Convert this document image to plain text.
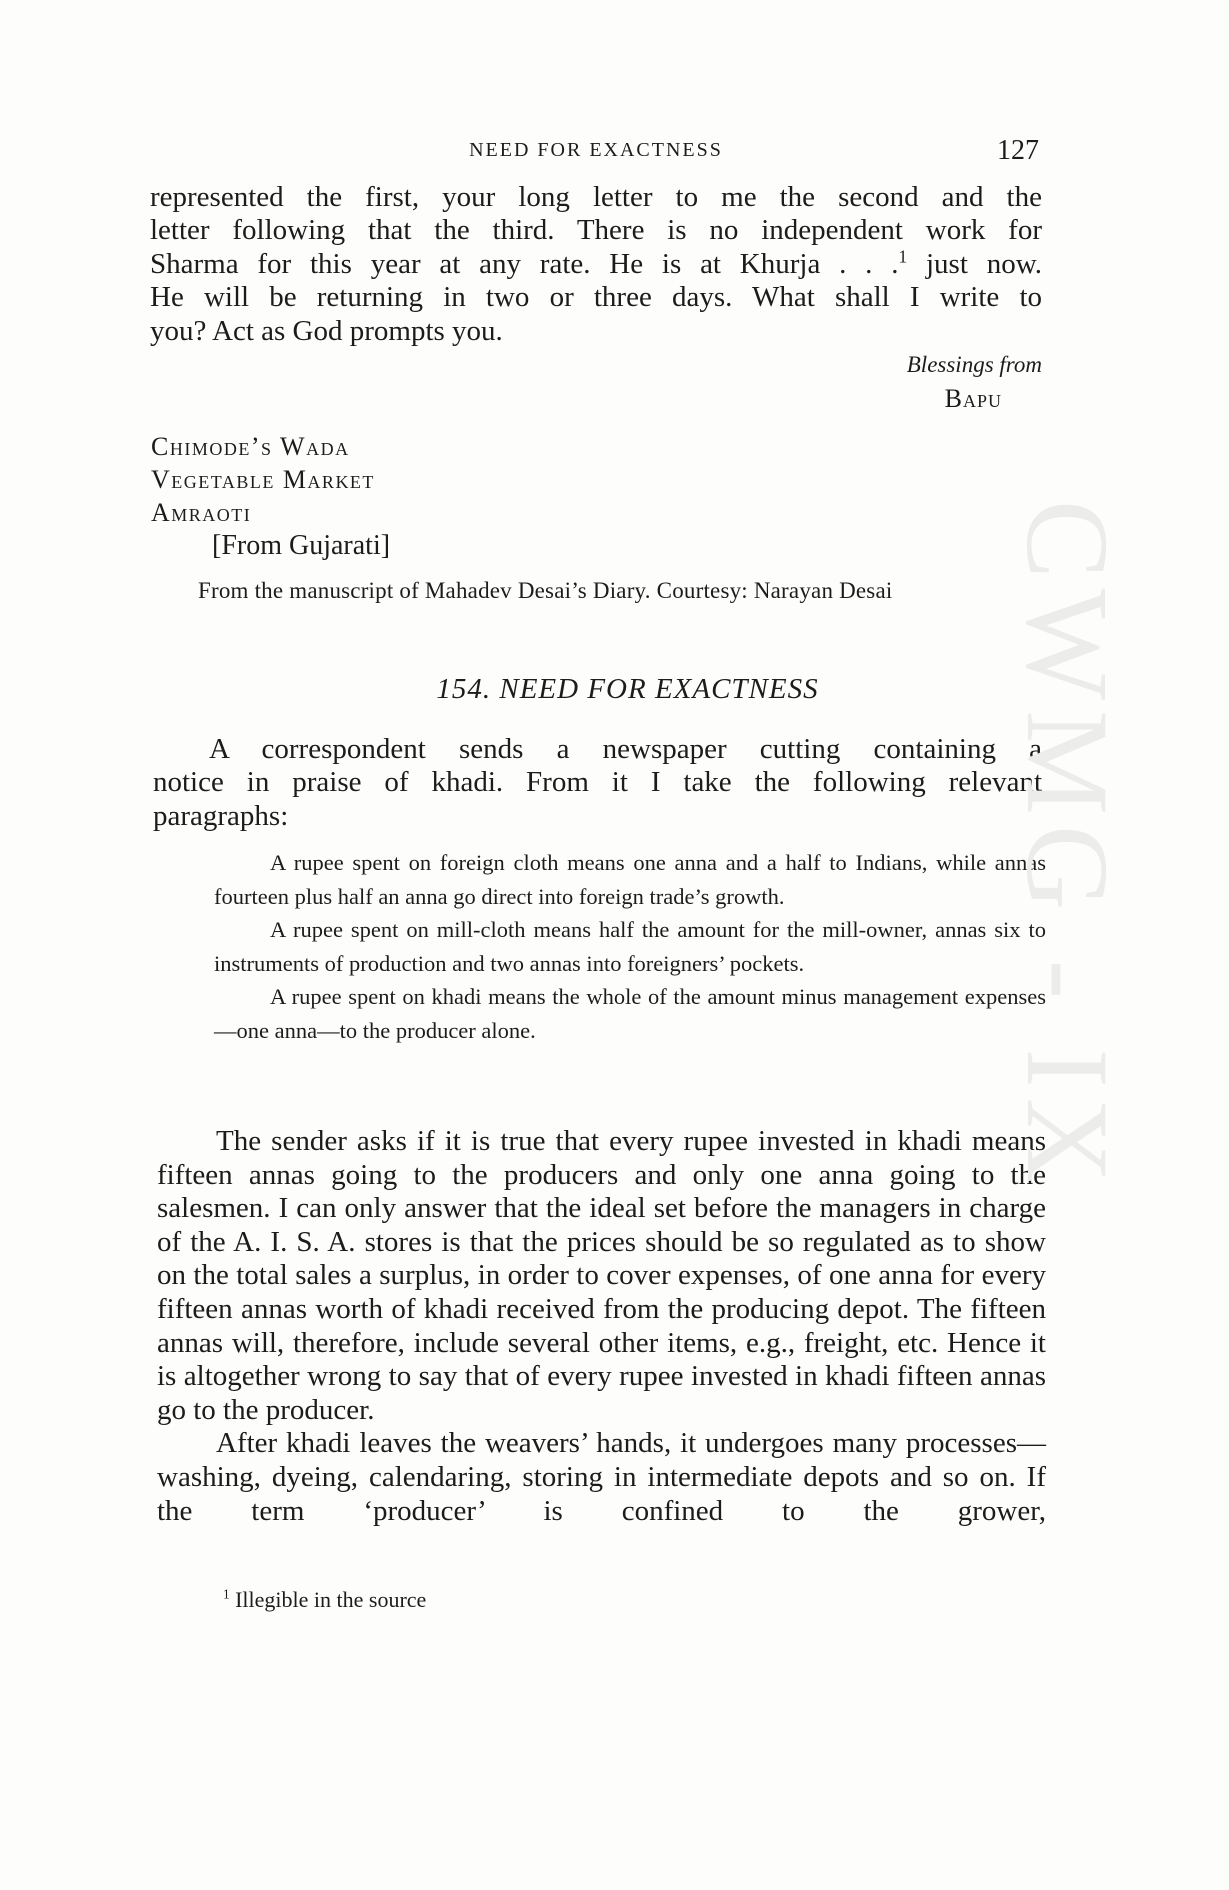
NEED FOR EXACTNESS	127
represented the first, your long letter to me the second and the
letter following that the third. There is no independent work for
Sharma for this year at any rate. He is at Khurja . . .$^1$ just now.
He will be returning in two or three days. What shall I write to
you? Act as God prompts you.
Blessings from
Bapu
Chimode’s Wada
Vegetable Market
Amraoti
[From Gujarati]
From the manuscript of Mahadev Desai’s Diary. Courtesy: Narayan Desai
154. NEED FOR EXACTNESS
A correspondent sends a newspaper cutting containing a
notice in praise of khadi. From it I take the following relevant
paragraphs:

A rupee spent on foreign cloth means one anna and a half to Indians, while annas fourteen plus half an anna go direct into foreign trade’s growth.

A rupee spent on mill-cloth means half the amount for the mill-owner, annas six to instruments of production and two annas into foreigners’ pockets.

A rupee spent on khadi means the whole of the amount minus management expenses—one anna—to the producer alone.

The sender asks if it is true that every rupee invested in khadi means fifteen annas going to the producers and only one anna going to the salesmen. I can only answer that the ideal set before the managers in charge of the A. I. S. A. stores is that the prices should be so regulated as to show on the total sales a surplus, in order to cover expenses, of one anna for every fifteen annas worth of khadi received from the producing depot. The fifteen annas will, therefore, include several other items, e.g., freight, etc. Hence it is altogether wrong to say that of every rupee invested in khadi fifteen annas go to the producer.

After khadi leaves the weavers’ hands, it undergoes many processes—washing, dyeing, calendaring, storing in intermediate depots and so on. If the term ‘producer’ is confined to the grower,

$^1$ Illegible in the source
CWMG - IX
